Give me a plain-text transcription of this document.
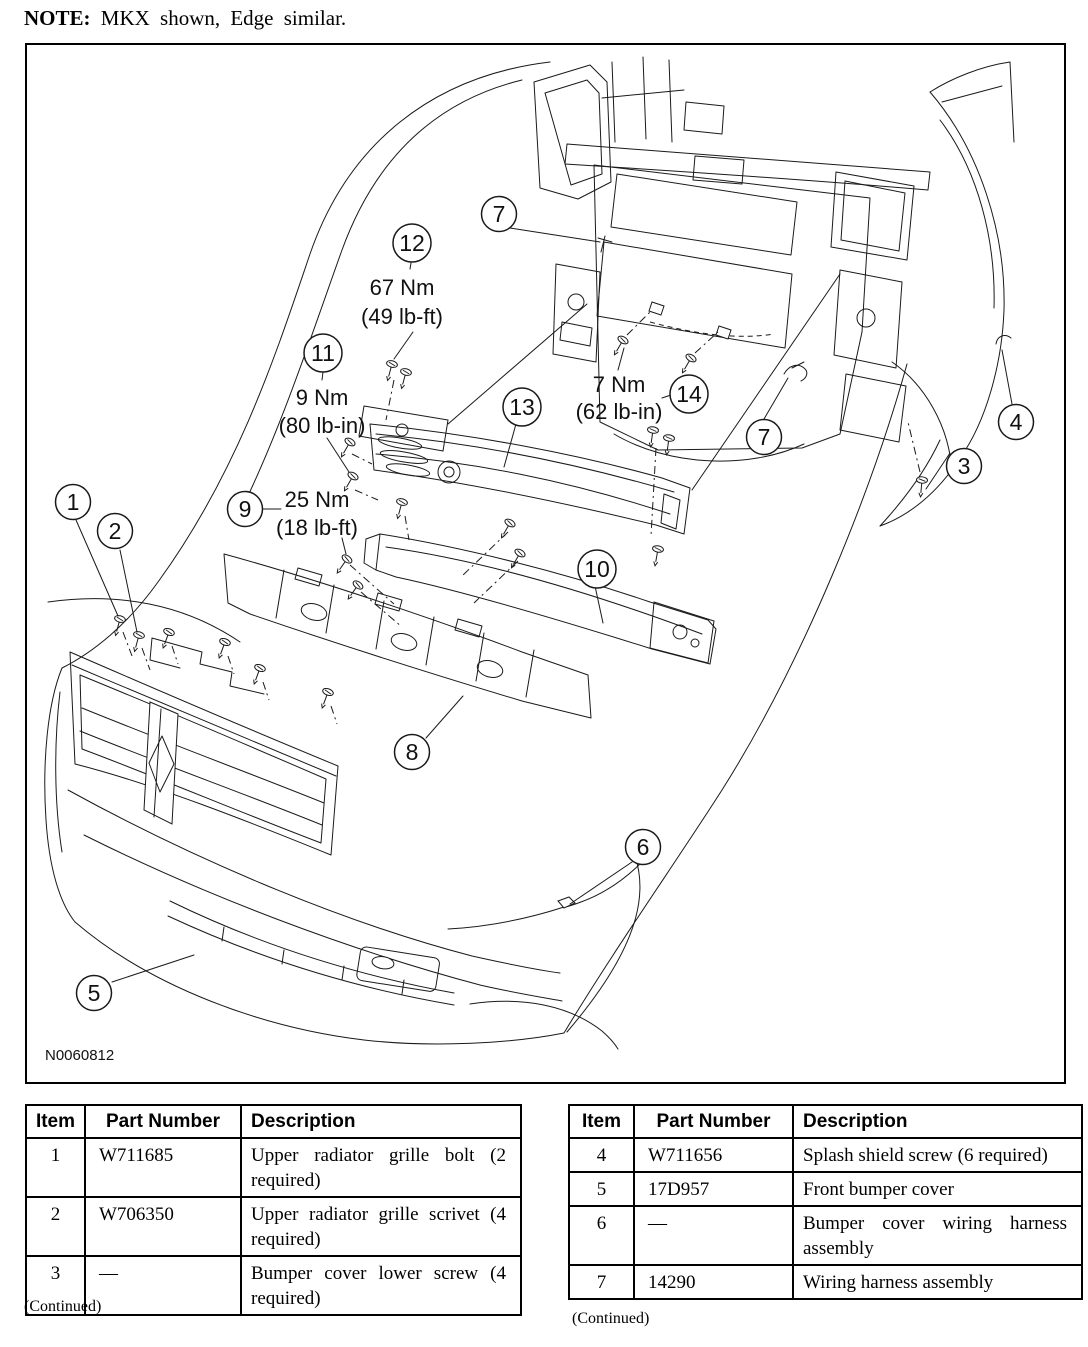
NOTE: MKX shown, Edge similar.
1
2
3
4
5
6
7
7
8
9
10
11
12
13	14
67 Nm
(49 lb-ft)
9 Nm
(80 lb-in)
25 Nm
(18 lb-ft)
7 Nm
(62 lb-in)
N0060812
Item	Part Number	Description
1	W711685	Upper radiator grille bolt (2 required)
2	W706350	Upper radiator grille scrivet (4 required)
3	—	Bumper cover lower screw (4 required)
(Continued)
Item	Part Number	Description
4	W711656	Splash shield screw (6 required)
5	17D957	Front bumper cover
6	—	Bumper cover wiring harness assembly
7	14290	Wiring harness assembly
(Continued)
